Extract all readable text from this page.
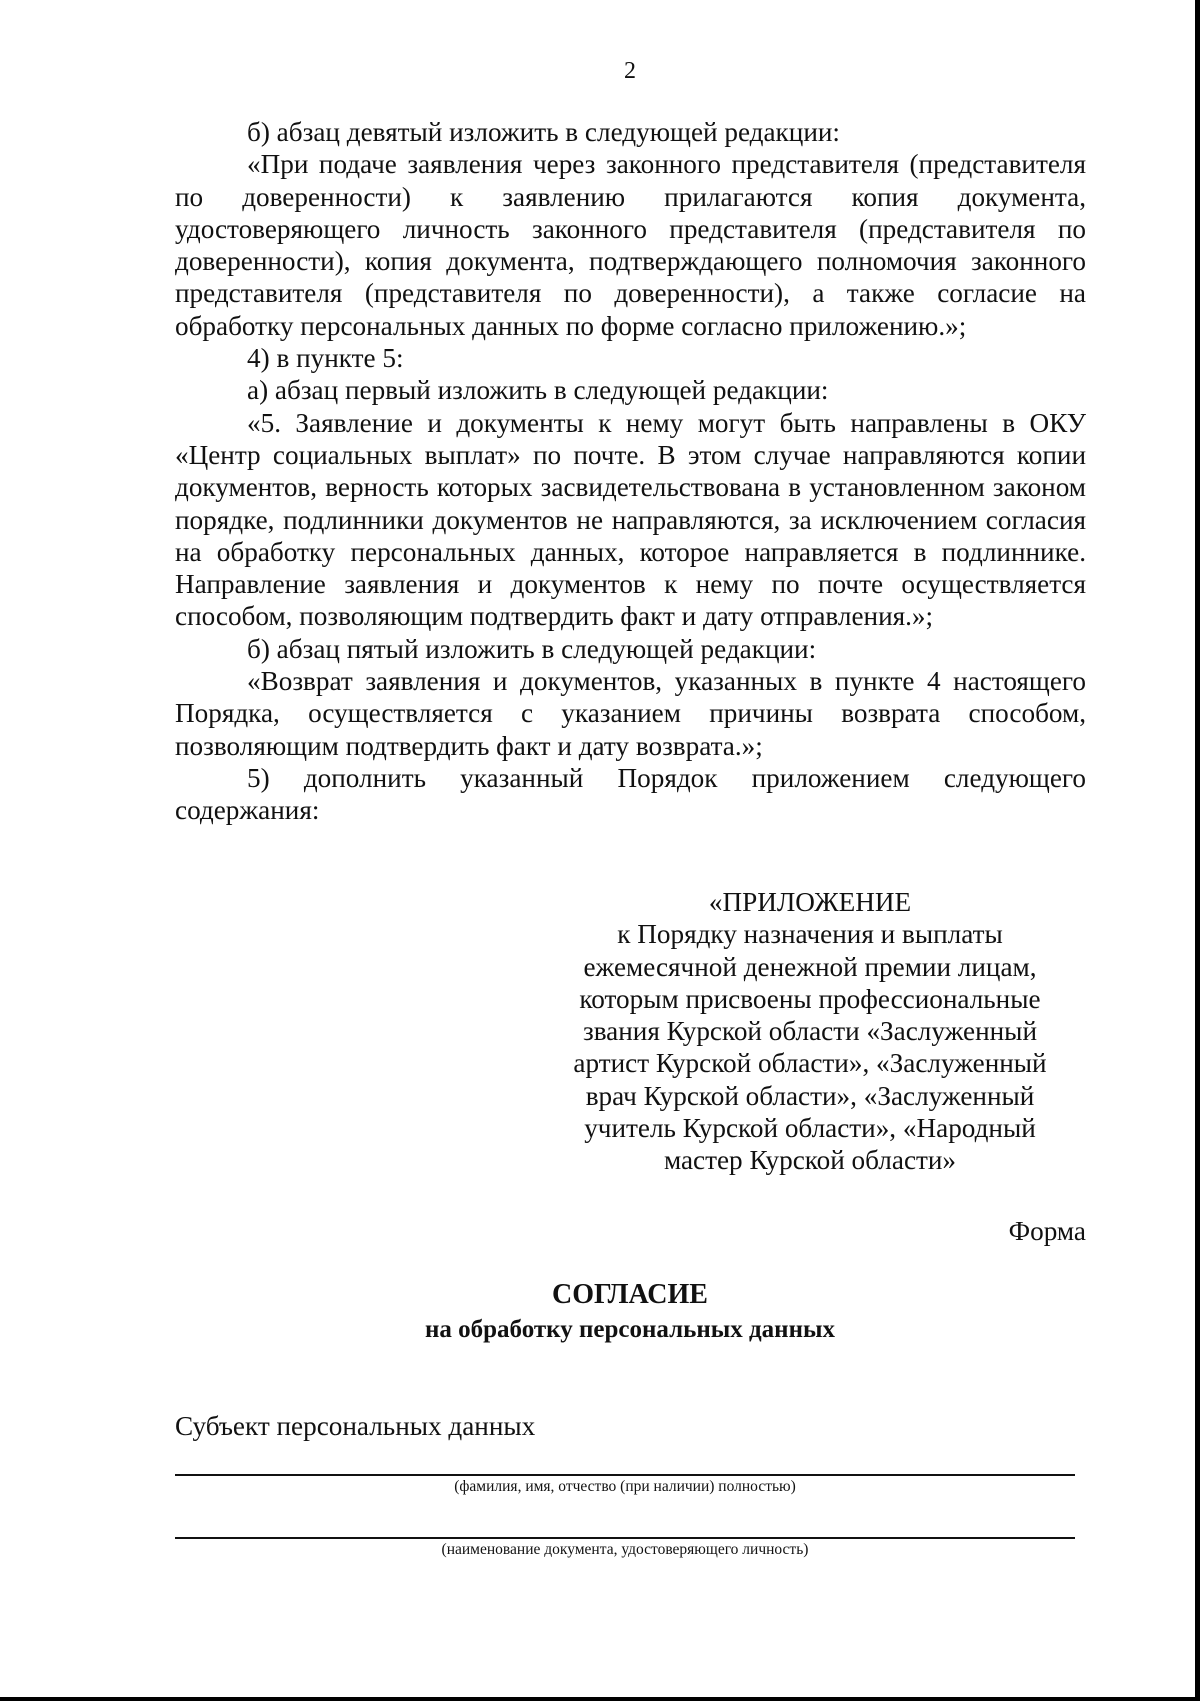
2

б) абзац девятый изложить в следующей редакции:

«При подаче заявления через законного представителя (представителя по доверенности) к заявлению прилагаются копия документа, удостоверяющего личность законного представителя (представителя по доверенности), копия документа, подтверждающего полномочия законного представителя (представителя по доверенности), а также согласие на обработку персональных данных по форме согласно приложению.»;

4) в пункте 5:

а) абзац первый изложить в следующей редакции:

«5. Заявление и документы к нему могут быть направлены в ОКУ «Центр социальных выплат» по почте. В этом случае направляются копии документов, верность которых засвидетельствована в установленном законом порядке, подлинники документов не направляются, за исключением согласия на обработку персональных данных, которое направляется в подлиннике. Направление заявления и документов к нему по почте осуществляется способом, позволяющим подтвердить факт и дату отправления.»;

б) абзац пятый изложить в следующей редакции:

«Возврат заявления и документов, указанных в пункте 4 настоящего Порядка, осуществляется с указанием причины возврата способом, позволяющим подтвердить факт и дату возврата.»;

5) дополнить указанный Порядок приложением следующего содержания:

«ПРИЛОЖЕНИЕ

к Порядку назначения и выплаты

ежемесячной денежной премии лицам,

которым присвоены профессиональные

звания Курской области «Заслуженный

артист Курской области», «Заслуженный

врач Курской области», «Заслуженный

учитель Курской области», «Народный

мастер Курской области»

Форма
СОГЛАСИЕ
на обработку персональных данных
Субъект персональных данных
(фамилия, имя, отчество (при наличии) полностью)
(наименование документа, удостоверяющего личность)
